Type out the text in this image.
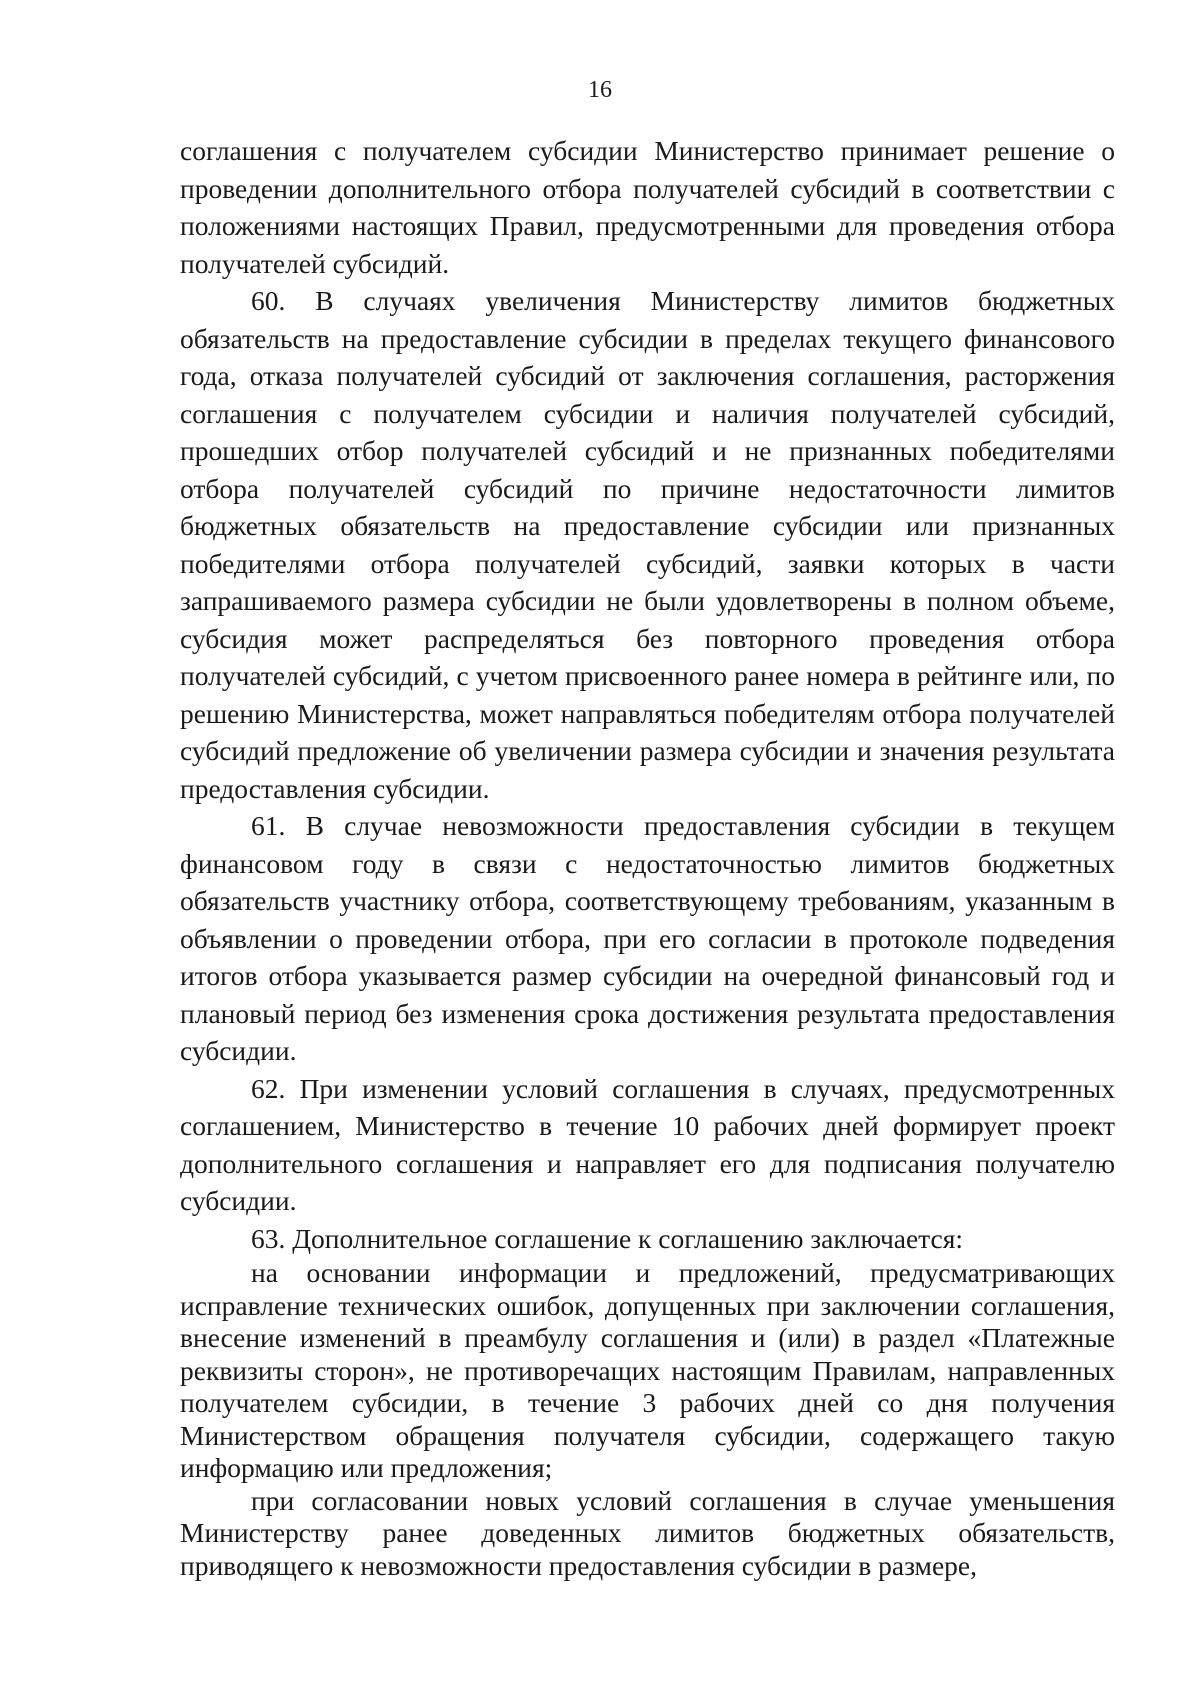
16

соглашения с получателем субсидии Министерство принимает решение о проведении дополнительного отбора получателей субсидий в соответствии с положениями настоящих Правил, предусмотренными для проведения отбора получателей субсидий.

60. В случаях увеличения Министерству лимитов бюджетных обязательств на предоставление субсидии в пределах текущего финансового года, отказа получателей субсидий от заключения соглашения, расторжения соглашения с получателем субсидии и наличия получателей субсидий, прошедших отбор получателей субсидий и не признанных победителями отбора получателей субсидий по причине недостаточности лимитов бюджетных обязательств на предоставление субсидии или признанных победителями отбора получателей субсидий, заявки которых в части запрашиваемого размера субсидии не были удовлетворены в полном объеме, субсидия может распределяться без повторного проведения отбора получателей субсидий, с учетом присвоенного ранее номера в рейтинге или, по решению Министерства, может направляться победителям отбора получателей субсидий предложение об увеличении размера субсидии и значения результата предоставления субсидии.

61. В случае невозможности предоставления субсидии в текущем финансовом году в связи с недостаточностью лимитов бюджетных обязательств участнику отбора, соответствующему требованиям, указанным в объявлении о проведении отбора, при его согласии в протоколе подведения итогов отбора указывается размер субсидии на очередной финансовый год и плановый период без изменения срока достижения результата предоставления субсидии.

62. При изменении условий соглашения в случаях, предусмотренных соглашением, Министерство в течение 10 рабочих дней формирует проект дополнительного соглашения и направляет его для подписания получателю субсидии.

63. Дополнительное соглашение к соглашению заключается:

на основании информации и предложений, предусматривающих исправление технических ошибок, допущенных при заключении соглашения, внесение изменений в преамбулу соглашения и (или) в раздел «Платежные реквизиты сторон», не противоречащих настоящим Правилам, направленных получателем субсидии, в течение 3 рабочих дней со дня получения Министерством обращения получателя субсидии, содержащего такую информацию или предложения;

при согласовании новых условий соглашения в случае уменьшения Министерству ранее доведенных лимитов бюджетных обязательств, приводящего к невозможности предоставления субсидии в размере,
